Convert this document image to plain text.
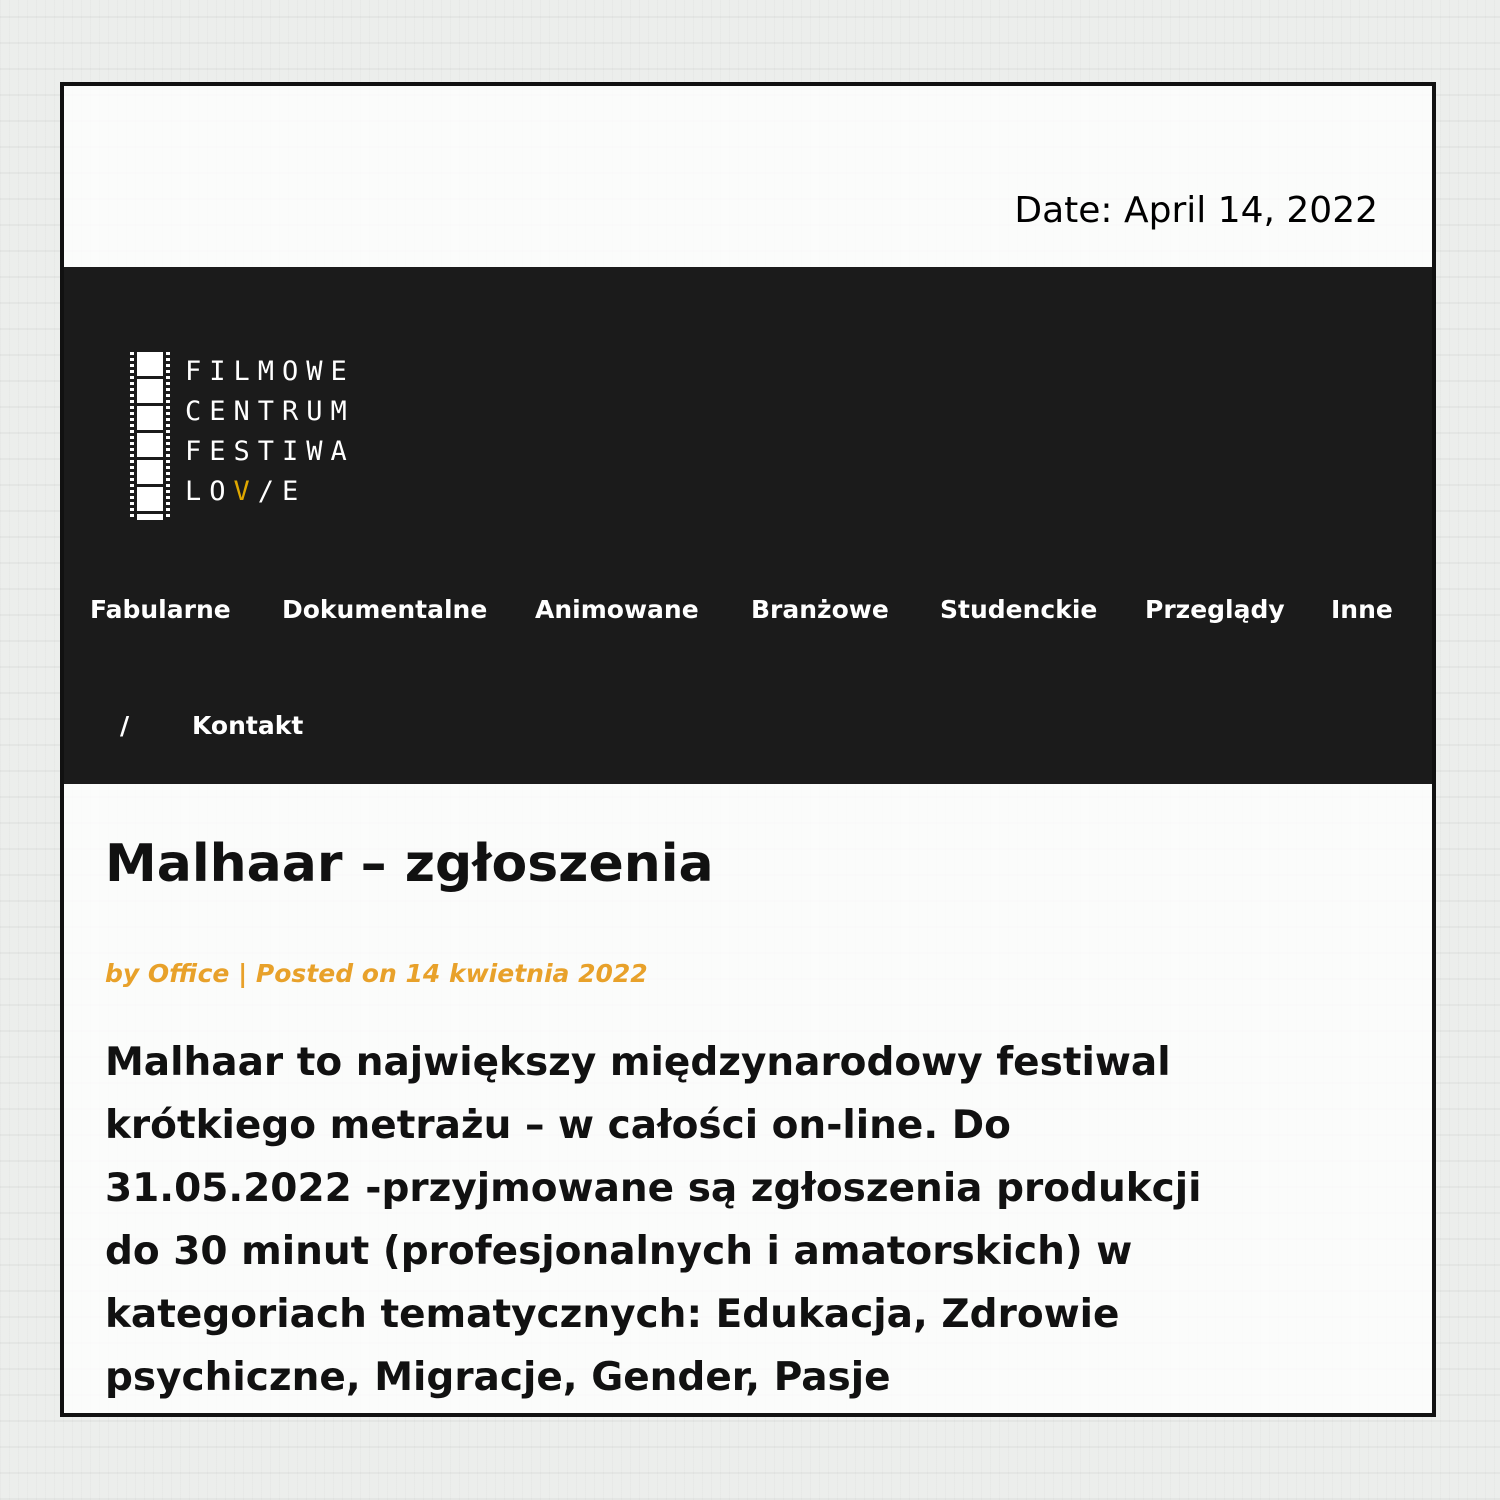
Date: April 14, 2022

FILMOWE
CENTRUM
FESTIWA
LOV/E
Fabularne Dokumentalne Animowane Branżowe Studenckie Przeglądy Inne
/	Kontakt
Malhaar – zgłoszenia

by Office | Posted on 14 kwietnia 2022

Malhaar to największy międzynarodowy festiwal krótkiego metrażu – w całości on-line. Do 31.05.2022 -przyjmowane są zgłoszenia produkcji do 30 minut (profesjonalnych i amatorskich) w kategoriach tematycznych: Edukacja, Zdrowie psychiczne, Migracje, Gender, Pasje
